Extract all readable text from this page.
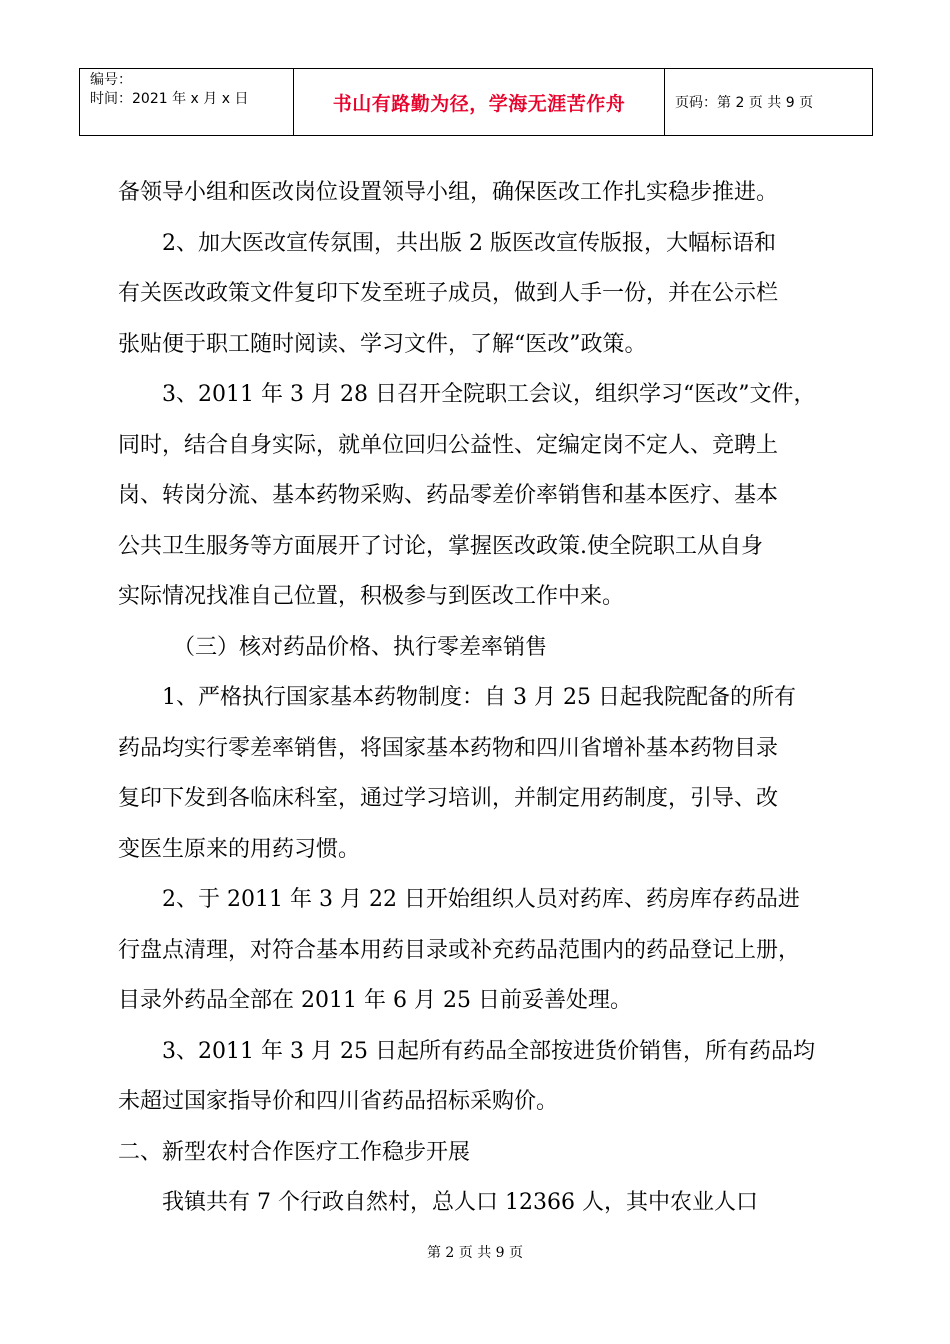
编号：
时间：2021 年 x 月 x 日	书山有路勤为径，学海无涯苦作舟	页码：第 2 页 共 9 页

备领导小组和医改岗位设置领导小组，确保医改工作扎实稳步推进。

2、加大医改宣传氛围，共出版 2 版医改宣传版报，大幅标语和

有关医改政策文件复印下发至班子成员，做到人手一份，并在公示栏

张贴便于职工随时阅读、学习文件，了解“医改”政策。

3、2011 年 3 月 28 日召开全院职工会议，组织学习“医改”文件，

同时，结合自身实际，就单位回归公益性、定编定岗不定人、竞聘上

岗、转岗分流、基本药物采购、药品零差价率销售和基本医疗、基本

公共卫生服务等方面展开了讨论，掌握医改政策.使全院职工从自身

实际情况找准自己位置，积极参与到医改工作中来。

（三）核对药品价格、执行零差率销售

1、严格执行国家基本药物制度：自 3 月 25 日起我院配备的所有

药品均实行零差率销售，将国家基本药物和四川省增补基本药物目录

复印下发到各临床科室，通过学习培训，并制定用药制度，引导、改

变医生原来的用药习惯。

2、于 2011 年 3 月 22 日开始组织人员对药库、药房库存药品进

行盘点清理，对符合基本用药目录或补充药品范围内的药品登记上册，

目录外药品全部在 2011 年 6 月 25 日前妥善处理。

3、2011 年 3 月 25 日起所有药品全部按进货价销售，所有药品均

未超过国家指导价和四川省药品招标采购价。

二、新型农村合作医疗工作稳步开展

我镇共有 7 个行政自然村，总人口 12366 人，其中农业人口

第 2 页 共 9 页
